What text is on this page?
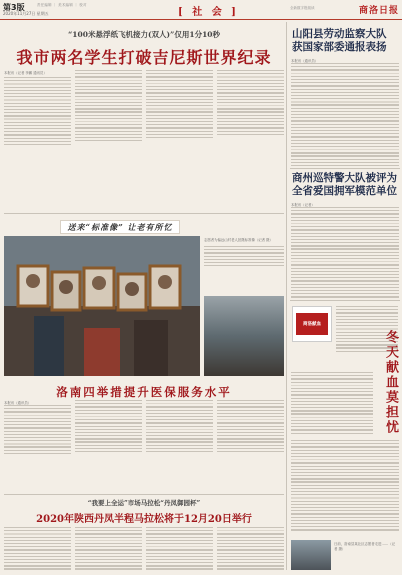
第3版
2020年11月27日 星期五
责任编辑 ｜ 美术编辑 ｜ 校对
[ 社 会 ]	全新数字报阅读	商洛日报
“100米悬浮纸飞机接力(双人)”仅用1分10秒
我市两名学生打破吉尼斯世界纪录
本报讯（记者 李鹏 通讯员）
送来“标准像” 让老有所忆
志愿者为偏远山村老人拍摄标准像（记者 摄）
洛南四举措提升医保服务水平
本报讯（通讯员）
“我要上全运”市场马拉松“丹凤御园杯”
2020年陕西丹凤半程马拉松将于12月20日举行
山阳县劳动监察大队
获国家部委通报表扬
本报讯（通讯员）
商州巡特警大队被评为
全省爱国拥军模范单位
本报讯（记者）
商洛献血
冬天献血莫担忧
日前，洛南县某社区志愿者走进……（记者 摄）
